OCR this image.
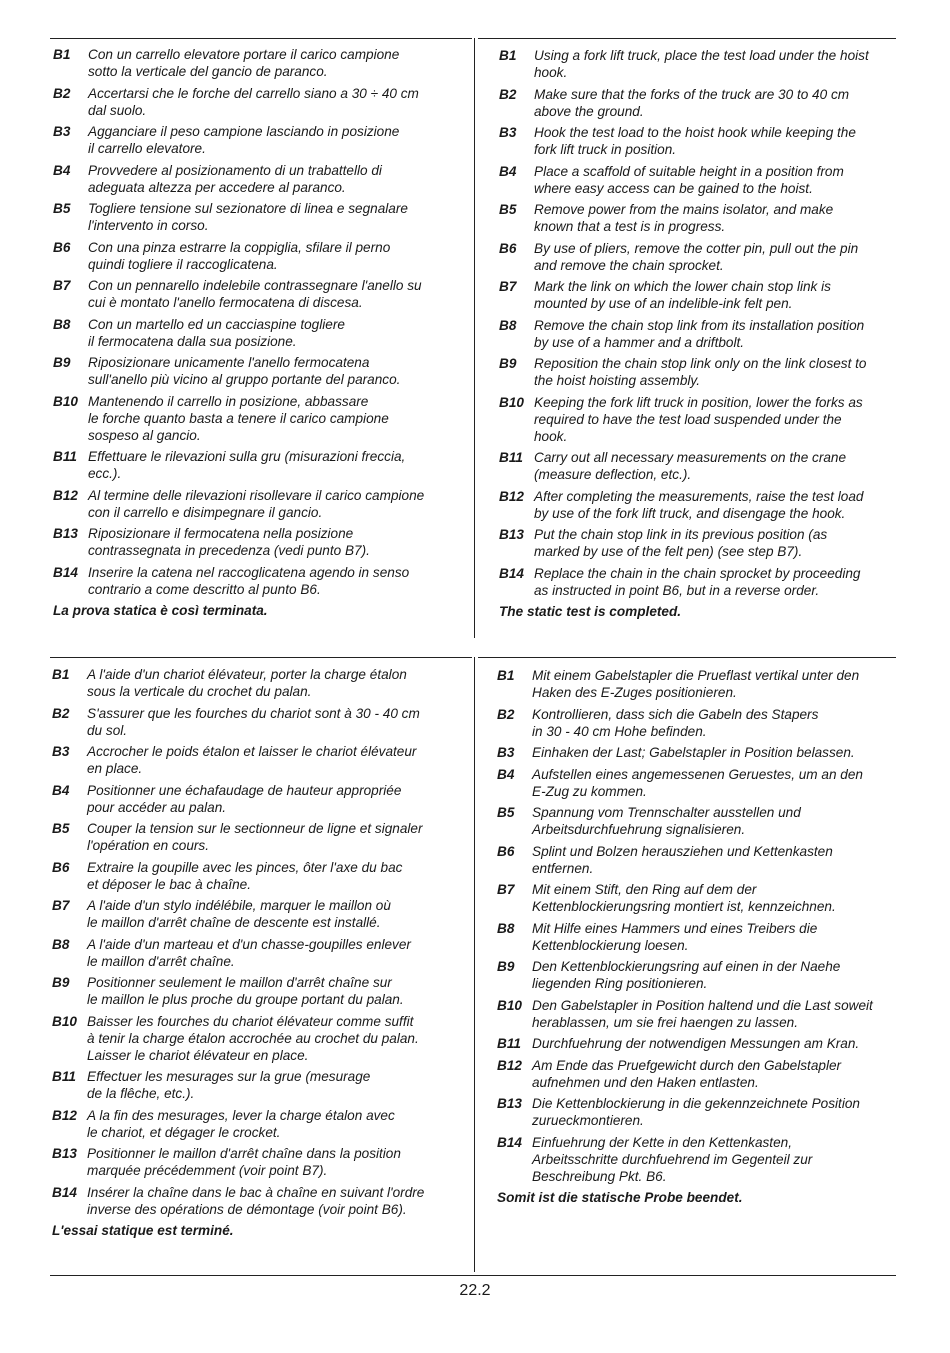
B1	Con un carrello elevatore portare il carico campione
sotto la verticale del gancio de paranco.
B2	Accertarsi che le forche del carrello siano a 30 ÷ 40 cm
dal suolo.
B3	Agganciare il peso campione lasciando in posizione
il carrello elevatore.
B4	Provvedere al posizionamento di un trabattello di
adeguata altezza per accedere al paranco.
B5	Togliere tensione sul sezionatore di linea e segnalare
l'intervento in corso.
B6	Con una pinza estrarre la coppiglia, sfilare il perno
quindi togliere il raccoglicatena.
B7	Con un pennarello indelebile contrassegnare l'anello su
cui è montato l'anello fermocatena di discesa.
B8	Con un martello ed un cacciaspine togliere
il fermocatena dalla sua posizione.
B9	Riposizionare unicamente l'anello fermocatena
sull'anello più vicino al gruppo portante del paranco.
B10 Mantenendo il carrello in posizione, abbassare
le forche quanto basta a tenere il carico campione
sospeso al gancio.
B11 Effettuare le rilevazioni sulla gru (misurazioni freccia,
ecc.).
B12 Al termine delle rilevazioni risollevare il carico campione
con il carrello e disimpegnare il gancio.
B13 Riposizionare il fermocatena nella posizione
contrassegnata in precedenza (vedi punto B7).
B14 Inserire la catena nel raccoglicatena agendo in senso
contrario a come descritto al punto B6.
La prova statica è così terminata.
B1	Using a fork lift truck, place the test load under the hoist
hook.
B2	Make sure that the forks of the truck are 30 to 40 cm
above the ground.
B3	Hook the test load to the hoist hook while keeping the
fork lift truck in position.
B4	Place a scaffold of suitable height in a position from
where easy access can be gained to the hoist.
B5	Remove power from the mains isolator, and make
known that a test is in progress.
B6	By use of pliers, remove the cotter pin, pull out the pin
and remove the chain sprocket.
B7	Mark the link on which the lower chain stop link is
mounted by use of an indelible-ink felt pen.
B8	Remove the chain stop link from its installation position
by use of a hammer and a driftbolt.
B9	Reposition the chain stop link only on the link closest to
the hoist hoisting assembly.
B10 Keeping the fork lift truck in position, lower the forks as
required to have the test load suspended under the
hook.
B11 Carry out all necessary measurements on the crane
(measure deflection, etc.).
B12 After completing the measurements, raise the test load
by use of the fork lift truck, and disengage the hook.
B13 Put the chain stop link in its previous position (as
marked by use of the felt pen) (see step B7).
B14 Replace the chain in the chain sprocket by proceeding
as instructed in point B6, but in a reverse order.
The static test is completed.
B1	A l'aide d'un chariot élévateur, porter la charge étalon
sous la verticale du crochet du palan.
B2	S'assurer que les fourches du chariot sont à 30 - 40 cm
du sol.
B3	Accrocher le poids étalon et laisser le chariot élévateur
en place.
B4	Positionner une échafaudage de hauteur appropriée
pour accéder au palan.
B5	Couper la tension sur le sectionneur de ligne et signaler
l'opération en cours.
B6	Extraire la goupille avec les pinces, ôter l'axe du bac
et déposer le bac à chaîne.
B7	A l'aide d'un stylo indélébile, marquer le maillon où
le maillon d'arrêt chaîne de descente est installé.
B8	A l'aide d'un marteau et d'un chasse-goupilles enlever
le maillon d'arrêt chaîne.
B9	Positionner seulement le maillon d'arrêt chaîne sur
le maillon le plus proche du groupe portant du palan.
B10 Baisser les fourches du chariot élévateur comme suffit
à tenir la charge étalon accrochée au crochet du palan.
Laisser le chariot élévateur en place.
B11 Effectuer les mesurages sur la grue (mesurage
de la flêche, etc.).
B12 A la fin des mesurages, lever la charge étalon avec
le chariot, et dégager le crocket.
B13 Positionner le maillon d'arrêt chaîne dans la position
marquée précédemment (voir point B7).
B14 Insérer la chaîne dans le bac à chaîne en suivant l'ordre
inverse des opérations de démontage (voir point B6).
L'essai statique est terminé.
B1	Mit einem Gabelstapler die Prueflast vertikal unter den
Haken des E-Zuges positionieren.
B2	Kontrollieren, dass sich die Gabeln des Stapers
in 30 - 40 cm Hohe befinden.
B3	Einhaken der Last; Gabelstapler in Position belassen.
B4	Aufstellen eines angemessenen Geruestes, um an den
E-Zug zu kommen.
B5	Spannung vom Trennschalter ausstellen und
Arbeitsdurchfuehrung signalisieren.
B6	Splint und Bolzen herausziehen und Kettenkasten
entfernen.
B7	Mit einem Stift, den Ring auf dem der
Kettenblockierungsring montiert ist, kennzeichnen.
B8	Mit Hilfe eines Hammers und eines Treibers die
Kettenblockierung loesen.
B9	Den Kettenblockierungsring auf einen in der Naehe
liegenden Ring positionieren.
B10 Den Gabelstapler in Position haltend und die Last soweit
herablassen, um sie frei haengen zu lassen.
B11 Durchfuehrung der notwendigen Messungen am Kran.
B12 Am Ende das Pruefgewicht durch den Gabelstapler
aufnehmen und den Haken entlasten.
B13 Die Kettenblockierung in die gekennzeichnete Position
zurueckmontieren.
B14 Einfuehrung der Kette in den Kettenkasten,
Arbeitsschritte durchfuehrend im Gegenteil zur
Beschreibung Pkt. B6.
Somit ist die statische Probe beendet.
22.2
